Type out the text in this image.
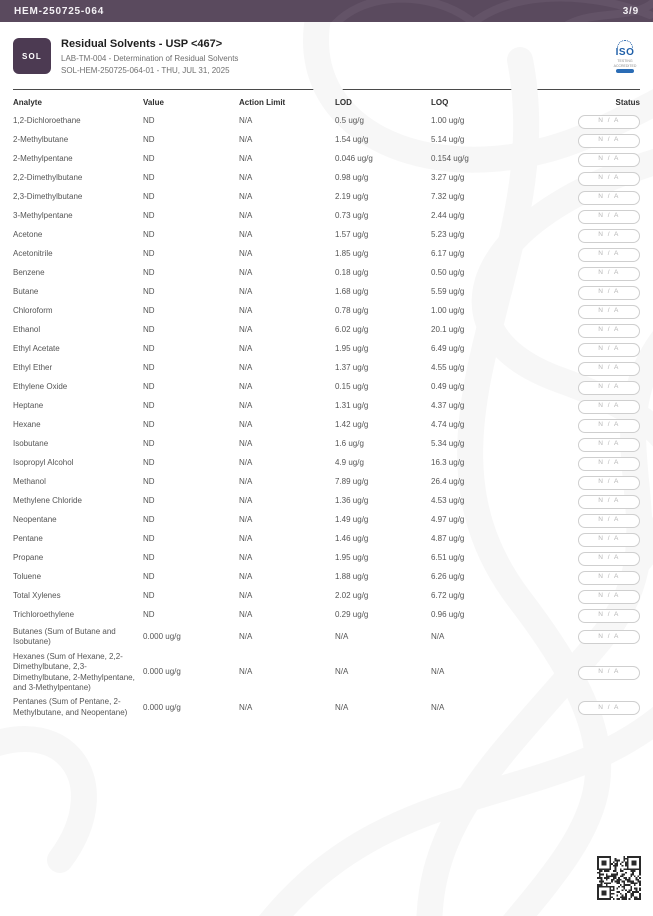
HEM-250725-064	3/9
SOL
Residual Solvents - USP <467>
LAB-TM-004 - Determination of Residual Solvents
SOL-HEM-250725-064-01 - THU, JUL 31, 2025
ISO
TESTING ACCREDITED
Analyte	Value	Action Limit	LOD	LOQ	Status
1,2-Dichloroethane	ND	N/A	0.5 ug/g	1.00 ug/g	N / A
2-Methylbutane	ND	N/A	1.54 ug/g	5.14 ug/g	N / A
2-Methylpentane	ND	N/A	0.046 ug/g	0.154 ug/g	N / A
2,2-Dimethylbutane	ND	N/A	0.98 ug/g	3.27 ug/g	N / A
2,3-Dimethylbutane	ND	N/A	2.19 ug/g	7.32 ug/g	N / A
3-Methylpentane	ND	N/A	0.73 ug/g	2.44 ug/g	N / A
Acetone	ND	N/A	1.57 ug/g	5.23 ug/g	N / A
Acetonitrile	ND	N/A	1.85 ug/g	6.17 ug/g	N / A
Benzene	ND	N/A	0.18 ug/g	0.50 ug/g	N / A
Butane	ND	N/A	1.68 ug/g	5.59 ug/g	N / A
Chloroform	ND	N/A	0.78 ug/g	1.00 ug/g	N / A
Ethanol	ND	N/A	6.02 ug/g	20.1 ug/g	N / A
Ethyl Acetate	ND	N/A	1.95 ug/g	6.49 ug/g	N / A
Ethyl Ether	ND	N/A	1.37 ug/g	4.55 ug/g	N / A
Ethylene Oxide	ND	N/A	0.15 ug/g	0.49 ug/g	N / A
Heptane	ND	N/A	1.31 ug/g	4.37 ug/g	N / A
Hexane	ND	N/A	1.42 ug/g	4.74 ug/g	N / A
Isobutane	ND	N/A	1.6 ug/g	5.34 ug/g	N / A
Isopropyl Alcohol	ND	N/A	4.9 ug/g	16.3 ug/g	N / A
Methanol	ND	N/A	7.89 ug/g	26.4 ug/g	N / A
Methylene Chloride	ND	N/A	1.36 ug/g	4.53 ug/g	N / A
Neopentane	ND	N/A	1.49 ug/g	4.97 ug/g	N / A
Pentane	ND	N/A	1.46 ug/g	4.87 ug/g	N / A
Propane	ND	N/A	1.95 ug/g	6.51 ug/g	N / A
Toluene	ND	N/A	1.88 ug/g	6.26 ug/g	N / A
Total Xylenes	ND	N/A	2.02 ug/g	6.72 ug/g	N / A
Trichloroethylene	ND	N/A	0.29 ug/g	0.96 ug/g	N / A
Butanes (Sum of Butane and Isobutane)
0.000 ug/g	N/A	N/A	N/A	N / A
Hexanes (Sum of Hexane, 2,2-Dimethylbutane, 2,3-Dimethylbutane, 2-Methylpentane, and 3-Methylpentane)
0.000 ug/g	N/A	N/A	N/A	N / A
Pentanes (Sum of Pentane, 2-Methylbutane, and Neopentane)
0.000 ug/g	N/A	N/A	N/A	N / A
